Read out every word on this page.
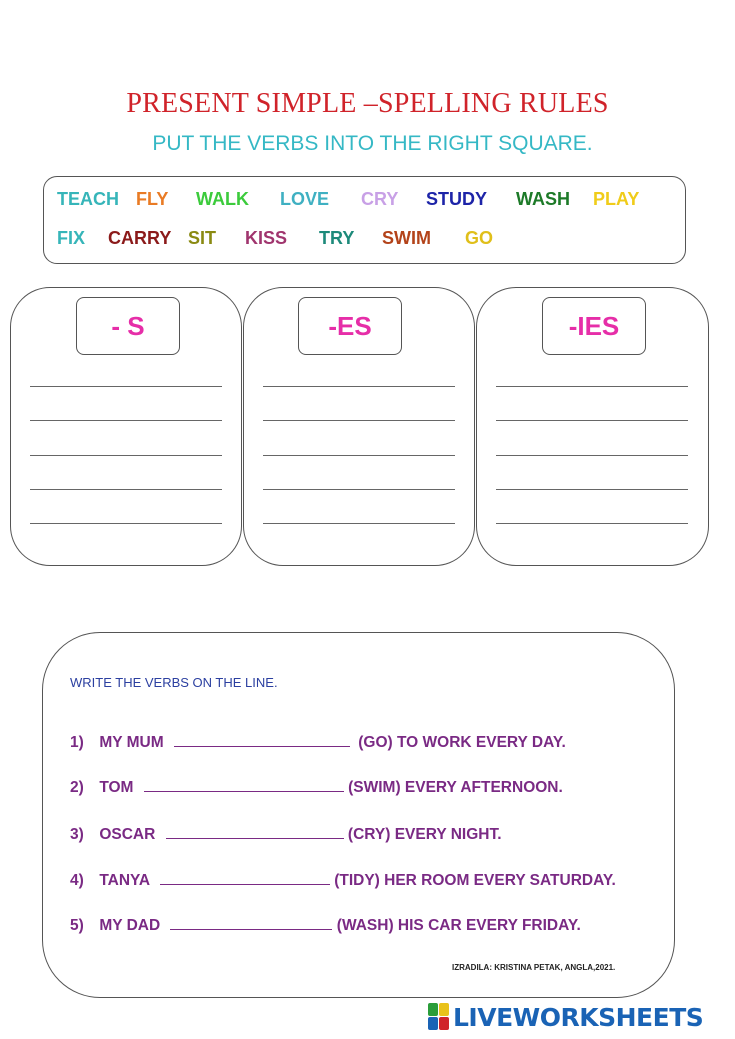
PRESENT SIMPLE –SPELLING RULES
PUT THE VERBS INTO THE RIGHT SQUARE.
TEACH FLY WALK LOVE CRY STUDY WASH PLAY
FIX CARRY SIT KISS TRY SWIM GO
- S	-ES	-IES
WRITE THE VERBS ON THE LINE.
1) MY MUM	(GO) TO WORK EVERY DAY.
2) TOM	(SWIM) EVERY AFTERNOON.
3) OSCAR	(CRY) EVERY NIGHT.
4) TANYA	(TIDY) HER ROOM EVERY SATURDAY.
5) MY DAD	(WASH) HIS CAR EVERY FRIDAY.
IZRADILA: KRISTINA PETAK, ANGLA,2021.
LIVEWORKSHEETS
